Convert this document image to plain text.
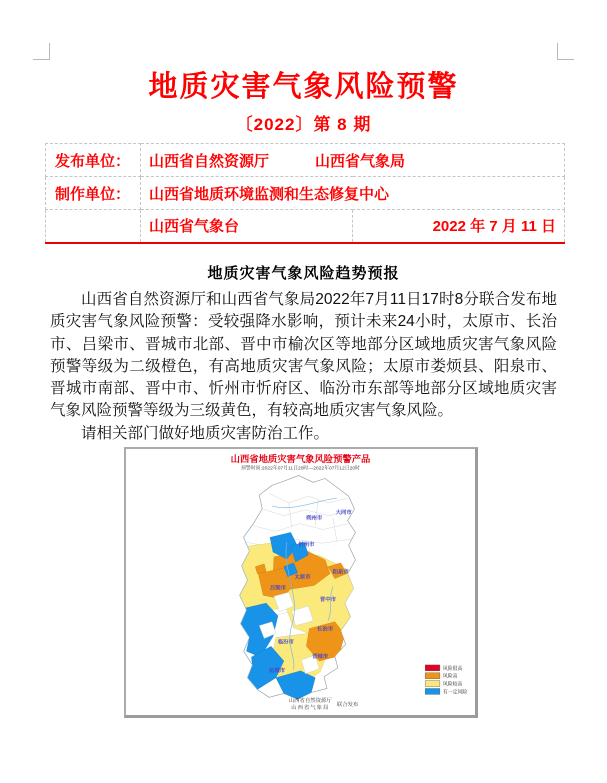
地质灾害气象风险预警
〔2022〕第 8 期
发布单位：	山西省自然资源厅 山西省气象局	
制作单位：	山西省地质环境监测和生态修复中心	
	山西省气象台	2022 年 7 月 11 日
地质灾害气象风险趋势预报

山西省自然资源厅和山西省气象局2022年7月11日17时8分联合发布地质灾害气象风险预警：受较强降水影响，预计未来24小时，太原市、长治市、吕梁市、晋城市北部、晋中市榆次区等地部分区域地质灾害气象风险预警等级为二级橙色，有高地质灾害气象风险；太原市娄烦县、阳泉市、晋城市南部、晋中市、忻州市忻府区、临汾市东部等地部分区域地质灾害气象风险预警等级为三级黄色，有较高地质灾害气象风险。

请相关部门做好地质灾害防治工作。

山西省地质灾害气象风险预警产品
预警时间:2022年07月11日20时—2022年07月12日20时
大同市
朔州市
忻州市
阳泉市
太原市
吕梁市
晋中市
长治市
临汾市
晋城市
运城市	风险很高
风险高
风险较高
有一定风险
山西省自然资源厅
山西省气象局 联合发布
